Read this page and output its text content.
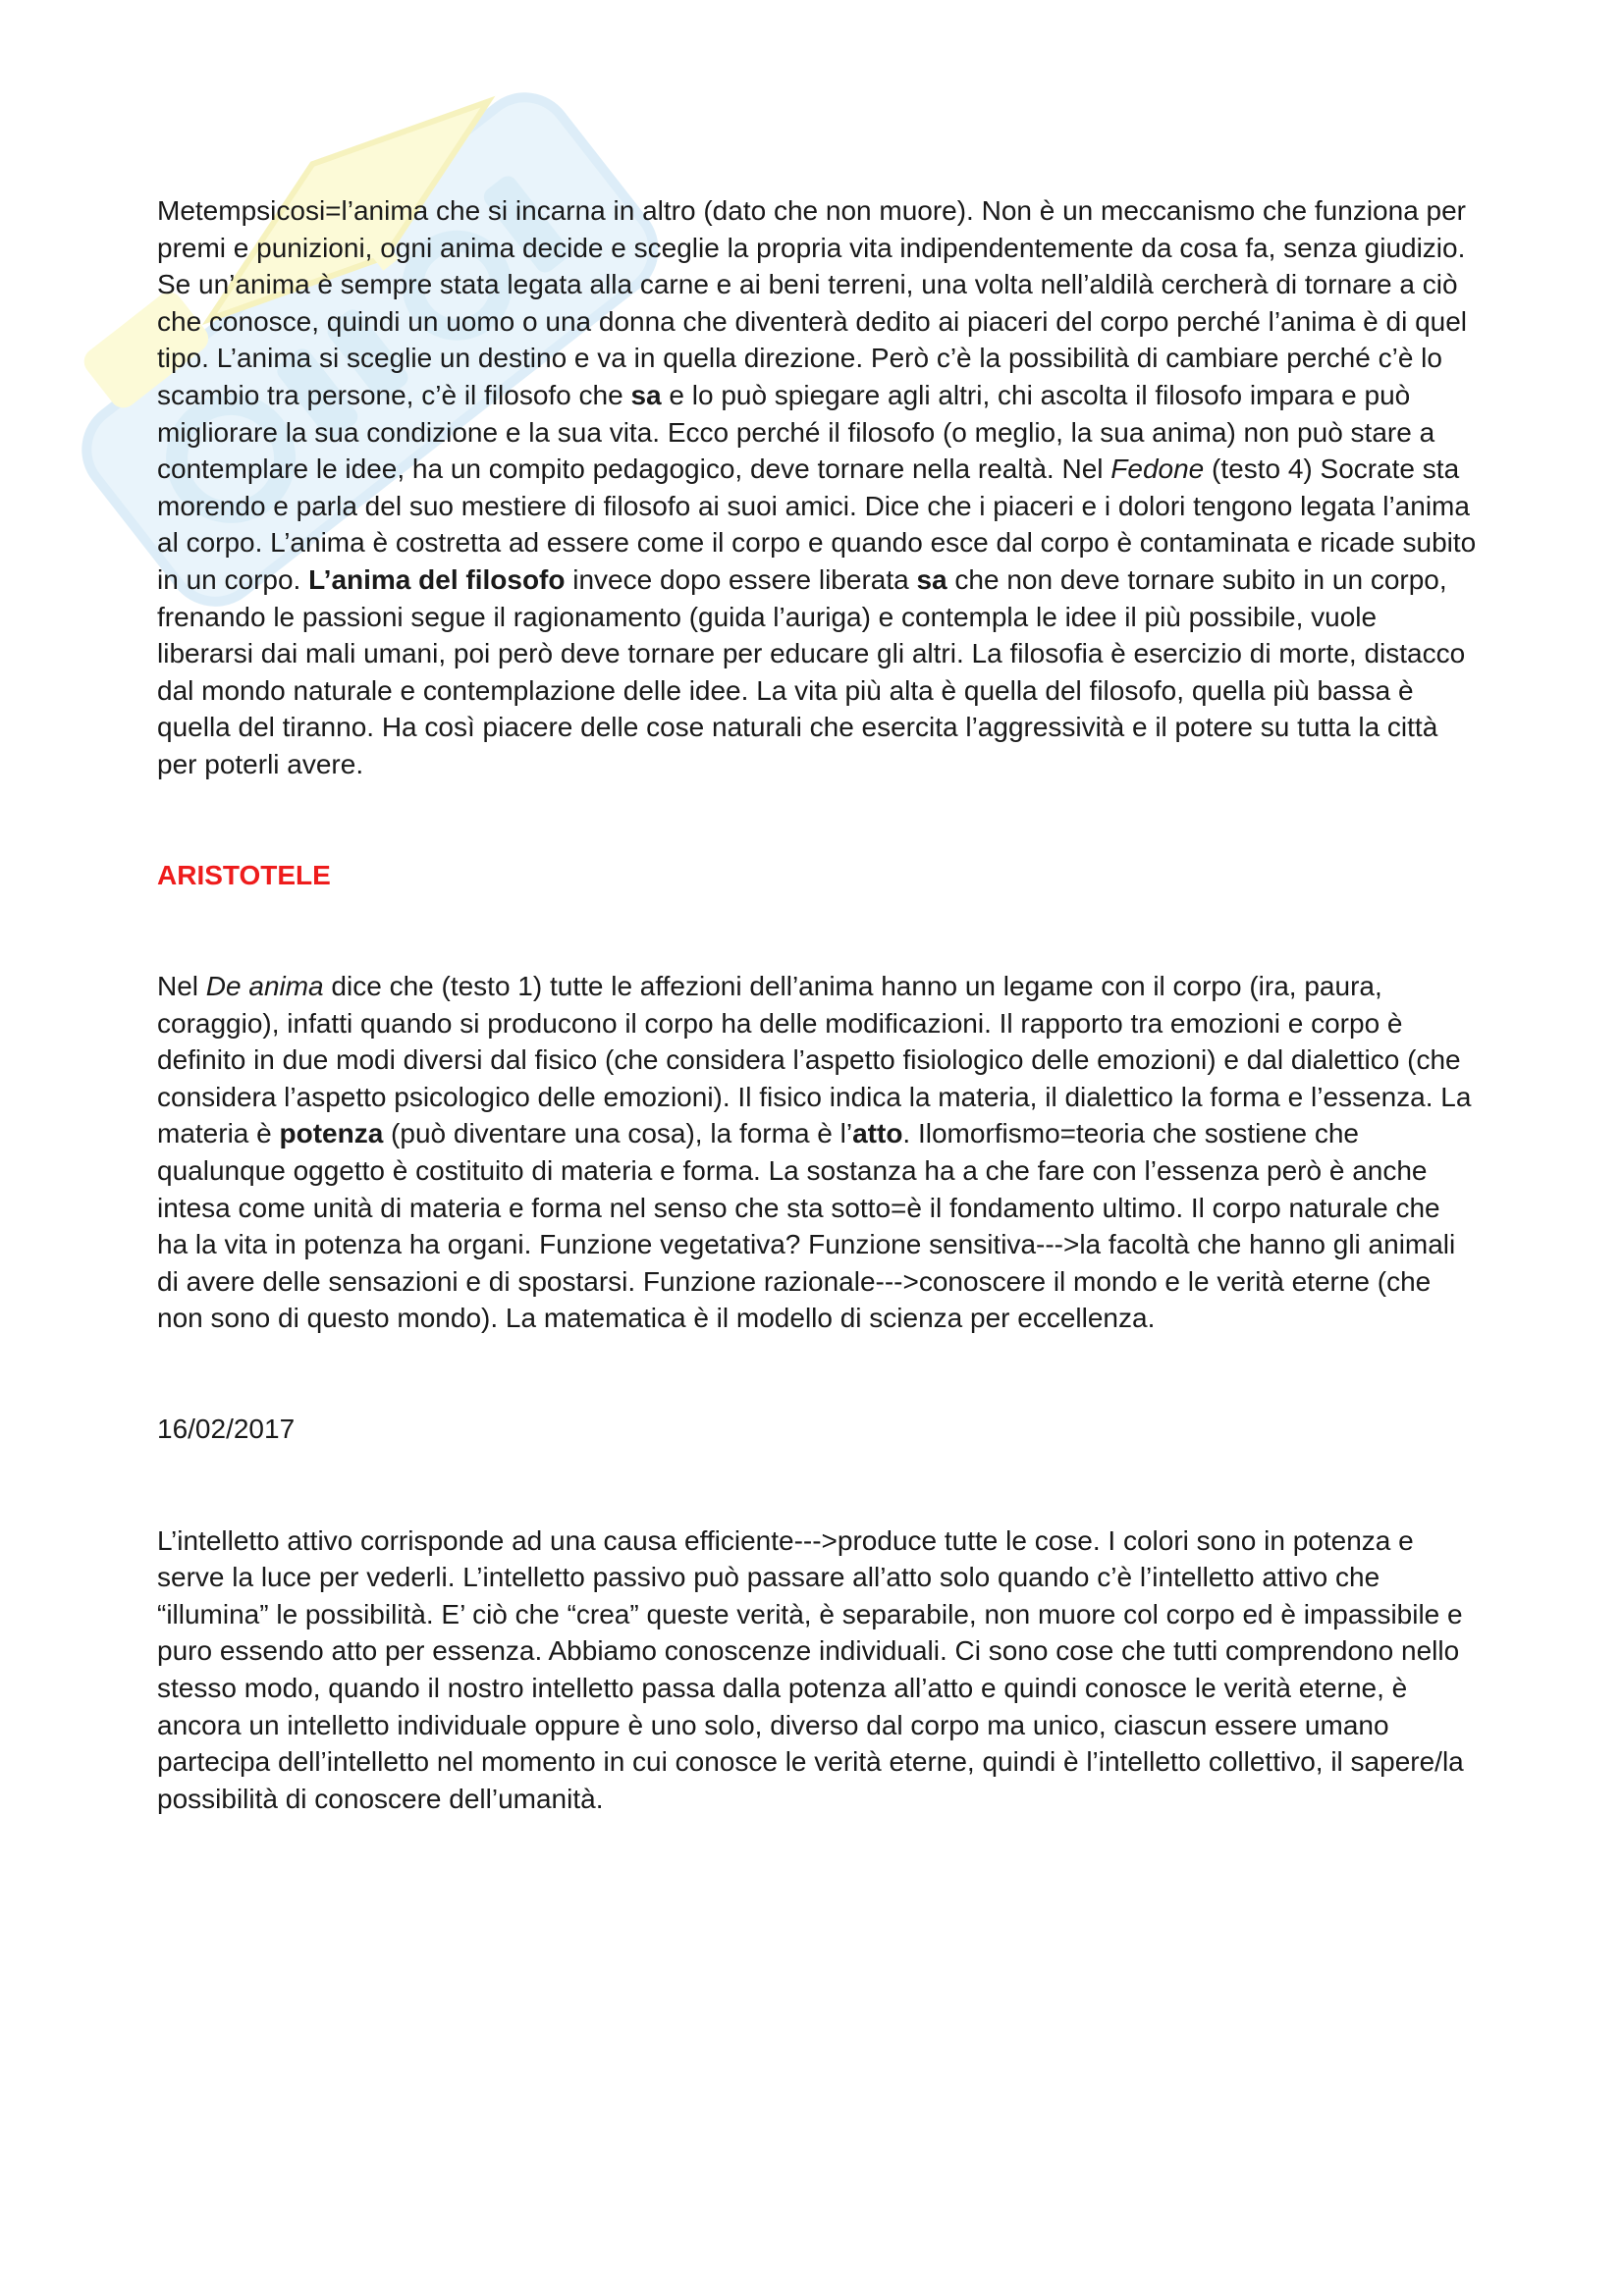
Metempsicosi=l’anima che si incarna in altro (dato che non muore). Non è un meccanismo che funziona per premi e punizioni, ogni anima decide e sceglie la propria vita indipendentemente da cosa fa, senza giudizio. Se un’anima è sempre stata legata alla carne e ai beni terreni, una volta nell’aldilà cercherà di tornare a ciò che conosce, quindi un uomo o una donna che diventerà dedito ai piaceri del corpo perché l’anima è di quel tipo. L’anima si sceglie un destino e va in quella direzione. Però c’è la possibilità di cambiare perché c’è lo scambio tra persone, c’è il filosofo che sa e lo può spiegare agli altri, chi ascolta il filosofo impara e può migliorare la sua condizione e la sua vita. Ecco perché il filosofo (o meglio, la sua anima) non può stare a contemplare le idee, ha un compito pedagogico, deve tornare nella realtà. Nel Fedone (testo 4) Socrate sta morendo e parla del suo mestiere di filosofo ai suoi amici. Dice che i piaceri e i dolori tengono legata l’anima al corpo. L’anima è costretta ad essere come il corpo e quando esce dal corpo è contaminata e ricade subito in un corpo. L’anima del filosofo invece dopo essere liberata sa che non deve tornare subito in un corpo, frenando le passioni segue il ragionamento (guida l’auriga) e contempla le idee il più possibile, vuole liberarsi dai mali umani, poi però deve tornare per educare gli altri. La filosofia è esercizio di morte, distacco dal mondo naturale e contemplazione delle idee. La vita più alta è quella del filosofo, quella più bassa è quella del tiranno. Ha così piacere delle cose naturali che esercita l’aggressività e il potere su tutta la città per poterli avere.

ARISTOTELE

Nel De anima dice che (testo 1) tutte le affezioni dell’anima hanno un legame con il corpo (ira, paura, coraggio), infatti quando si producono il corpo ha delle modificazioni. Il rapporto tra emozioni e corpo è definito in due modi diversi dal fisico (che considera l’aspetto fisiologico delle emozioni) e dal dialettico (che considera l’aspetto psicologico delle emozioni). Il fisico indica la materia, il dialettico la forma e l’essenza. La materia è potenza (può diventare una cosa), la forma è l’atto. Ilomorfismo=teoria che sostiene che qualunque oggetto è costituito di materia e forma. La sostanza ha a che fare con l’essenza però è anche intesa come unità di materia e forma nel senso che sta sotto=è il fondamento ultimo. Il corpo naturale che ha la vita in potenza ha organi. Funzione vegetativa? Funzione sensitiva--->la facoltà che hanno gli animali di avere delle sensazioni e di spostarsi. Funzione razionale--->conoscere il mondo e le verità eterne (che non sono di questo mondo). La matematica è il modello di scienza per eccellenza.

16/02/2017

L’intelletto attivo corrisponde ad una causa efficiente--->produce tutte le cose. I colori sono in potenza e serve la luce per vederli. L’intelletto passivo può passare all’atto solo quando c’è l’intelletto attivo che “illumina” le possibilità. E’ ciò che “crea” queste verità, è separabile, non muore col corpo ed è impassibile e puro essendo atto per essenza. Abbiamo conoscenze individuali. Ci sono cose che tutti comprendono nello stesso modo, quando il nostro intelletto passa dalla potenza all’atto e quindi conosce le verità eterne, è ancora un intelletto individuale oppure è uno solo, diverso dal corpo ma unico, ciascun essere umano partecipa dell’intelletto nel momento in cui conosce le verità eterne, quindi è l’intelletto collettivo, il sapere/la possibilità di conoscere dell’umanità.
